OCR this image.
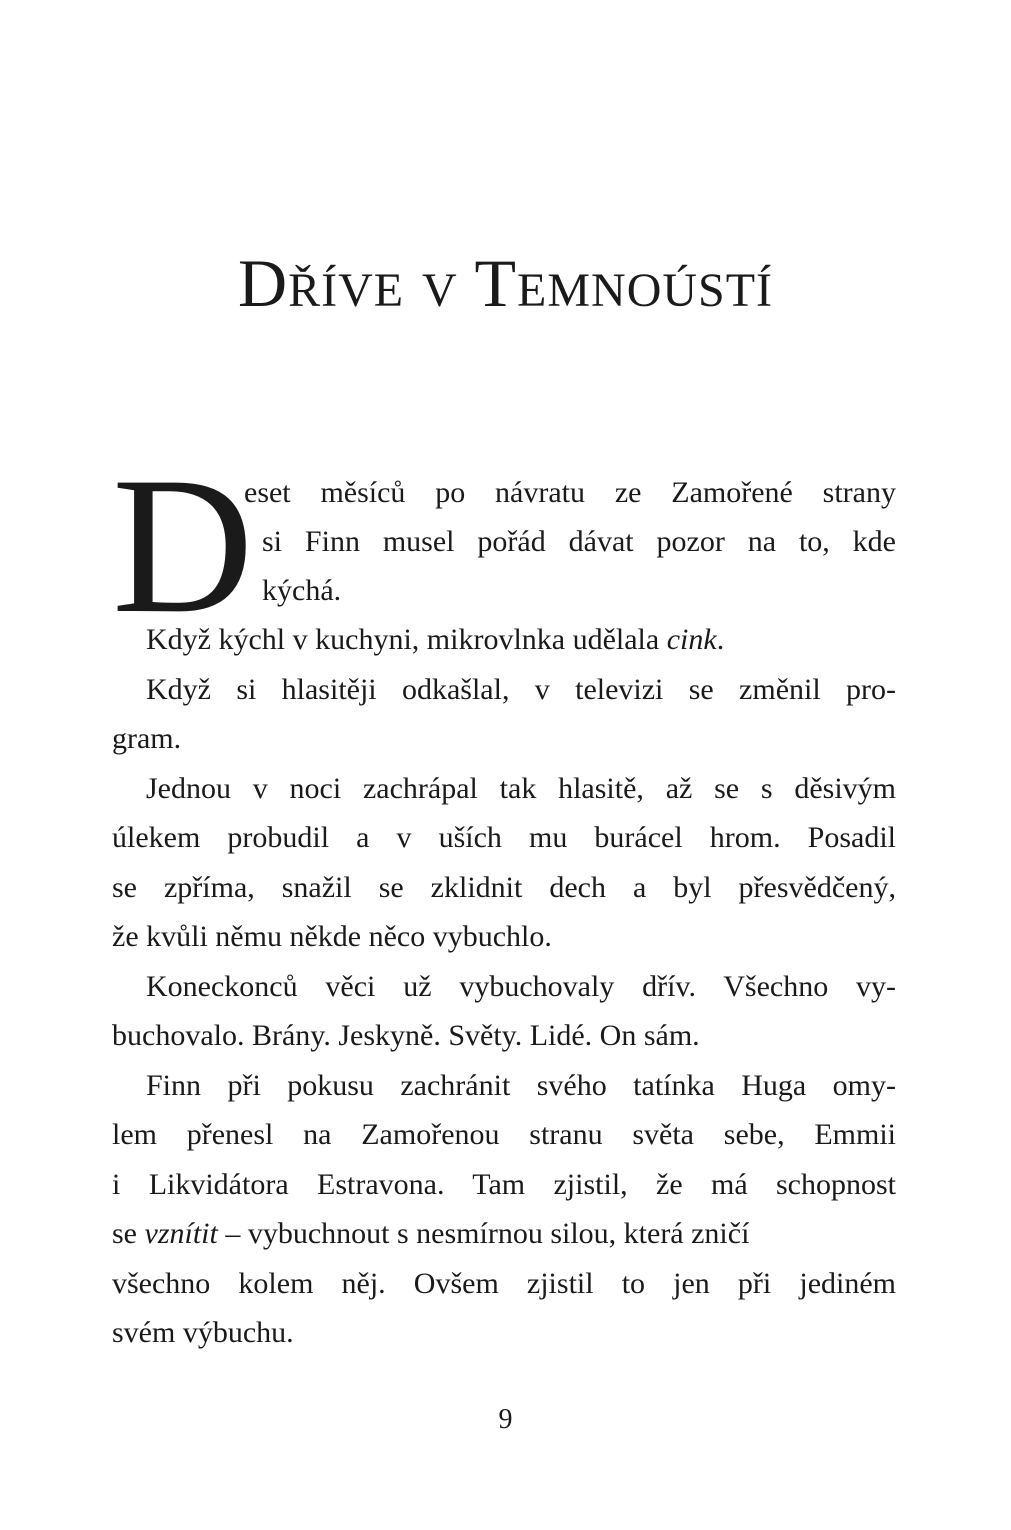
Dříve v Temnoústí
D
eset měsíců po návratu ze Zamořené strany
si Finn musel pořád dávat pozor na to, kde
kýchá.
Když kýchl v kuchyni, mikrovlnka udělala cink.
Když si hlasitěji odkašlal, v televizi se změnil pro-
gram.
Jednou v noci zachrápal tak hlasitě, až se s děsivým
úlekem probudil a v uších mu burácel hrom. Posadil
se zpříma, snažil se zklidnit dech a byl přesvědčený,
že kvůli němu někde něco vybuchlo.
Koneckonců věci už vybuchovaly dřív. Všechno vy-
buchovalo. Brány. Jeskyně. Světy. Lidé. On sám.
Finn při pokusu zachránit svého tatínka Huga omy-
lem přenesl na Zamořenou stranu světa sebe, Emmii
i Likvidátora Estravona. Tam zjistil, že má schopnost
se vznítit – vybuchnout s nesmírnou silou, která zničí
všechno kolem něj. Ovšem zjistil to jen při jediném
svém výbuchu.
9
